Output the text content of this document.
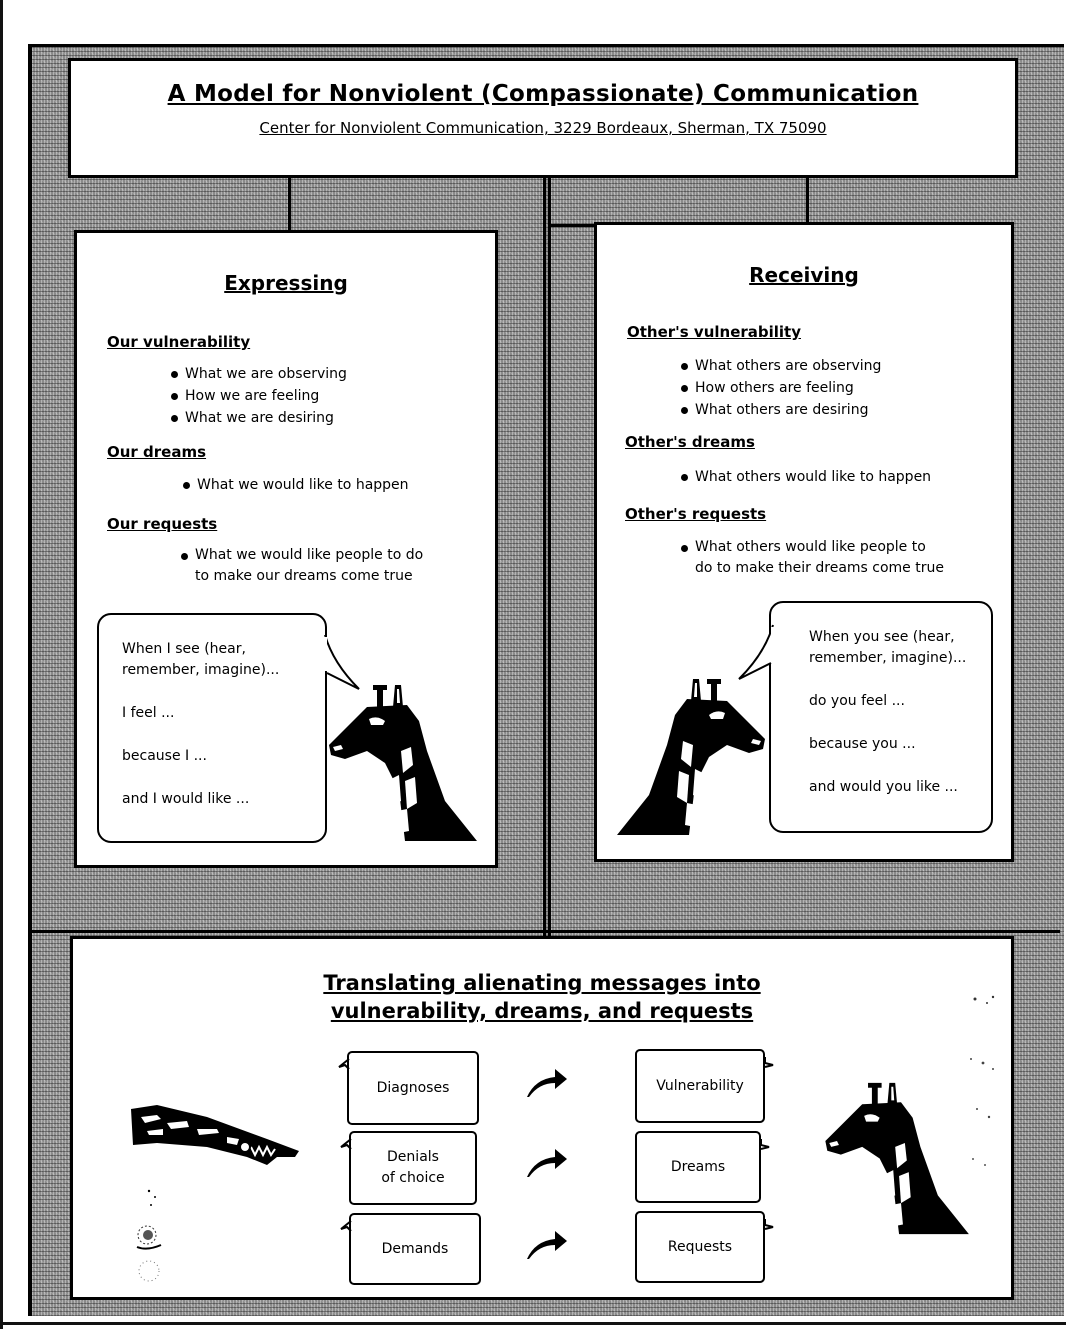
A Model for Nonviolent (Compassionate) Communication
Center for Nonviolent Communication, 3229 Bordeaux, Sherman, TX 75090
Expressing
Our vulnerability
What we are observing
How we are feeling
What we are desiring
Our dreams
What we would like to happen
Our requests
What we would like people to do
to make our dreams come true
When I see (hear,
remember, imagine)...
I feel ...
because I ...
and I would like ...
Receiving
Other's vulnerability
What others are observing
How others are feeling
What others are desiring
Other's dreams
What others would like to happen
Other's requests
What others would like people to
do to make their dreams come true
When you see (hear,
remember, imagine)...
do you feel ...
because you ...
and would you like ...
Translating alienating messages into
vulnerability, dreams, and requests
Diagnoses
Denials
of choice
Demands
Vulnerability
Dreams
Requests
